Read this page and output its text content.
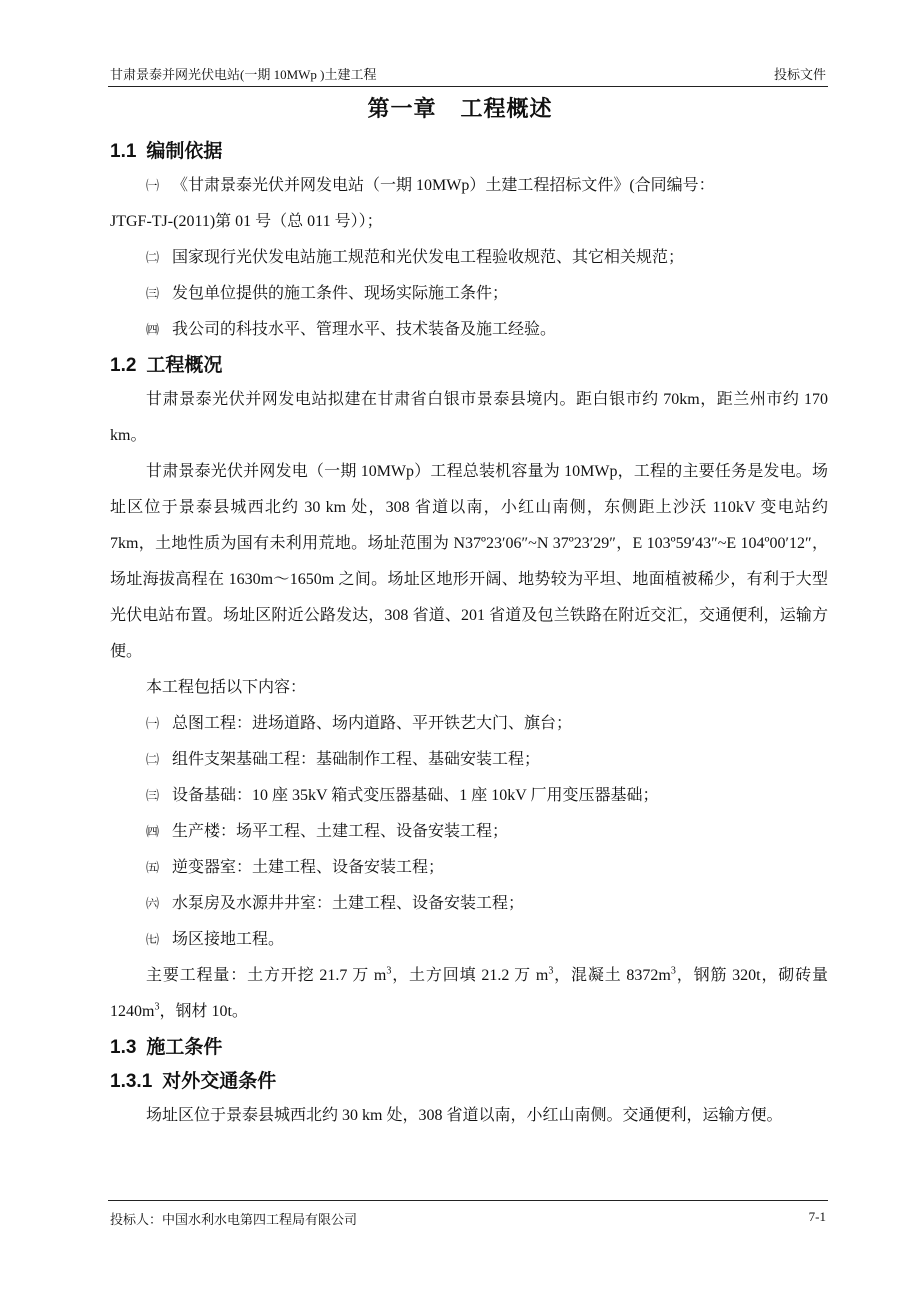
甘肃景泰并网光伏电站(一期 10MWp )土建工程	投标文件
第一章 工程概述
1.1 编制依据

㈠ 《甘肃景泰光伏并网发电站（一期 10MWp）土建工程招标文件》(合同编号：

JTGF-TJ-(2011)第 01 号（总 011 号））；

㈡ 国家现行光伏发电站施工规范和光伏发电工程验收规范、其它相关规范；

㈢ 发包单位提供的施工条件、现场实际施工条件；

㈣ 我公司的科技水平、管理水平、技术装备及施工经验。

1.2 工程概况

甘肃景泰光伏并网发电站拟建在甘肃省白银市景泰县境内。距白银市约 70km，距兰州市约 170 km。

甘肃景泰光伏并网发电（一期 10MWp）工程总装机容量为 10MWp，工程的主要任务是发电。场址区位于景泰县城西北约 30 km 处，308 省道以南，小红山南侧，东侧距上沙沃 110kV 变电站约 7km，土地性质为国有未利用荒地。场址范围为 N37º23′06″~N 37º23′29″，E 103º59′43″~E 104º00′12″，场址海拔高程在 1630m～1650m 之间。场址区地形开阔、地势较为平坦、地面植被稀少，有利于大型光伏电站布置。场址区附近公路发达，308 省道、201 省道及包兰铁路在附近交汇，交通便利，运输方便。

本工程包括以下内容：

㈠ 总图工程：进场道路、场内道路、平开铁艺大门、旗台；

㈡ 组件支架基础工程：基础制作工程、基础安装工程；

㈢ 设备基础：10 座 35kV 箱式变压器基础、1 座 10kV 厂用变压器基础；

㈣ 生产楼：场平工程、土建工程、设备安装工程；

㈤ 逆变器室：土建工程、设备安装工程；

㈥ 水泵房及水源井井室：土建工程、设备安装工程；

㈦ 场区接地工程。

主要工程量：土方开挖 21.7 万 $m^3$，土方回填 21.2 万 $m^3$，混凝土 $8372m^3$，钢筋 320t，砌砖量 $1240m^3$，钢材 10t。

1.3 施工条件
1.3.1 对外交通条件

场址区位于景泰县城西北约 30 km 处，308 省道以南，小红山南侧。交通便利，运输方便。

投标人：中国水利水电第四工程局有限公司	7-1
